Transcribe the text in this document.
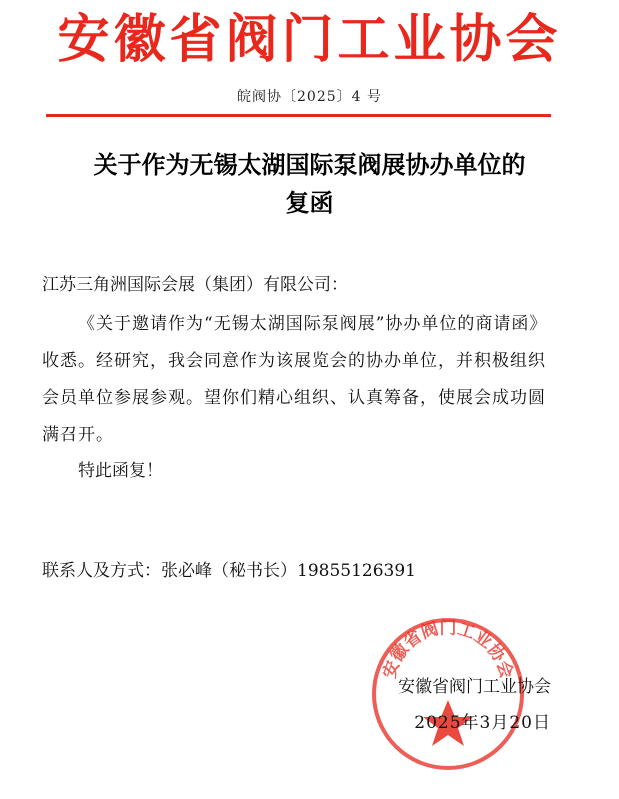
安徽省阀门工业协会
皖阀协〔2025〕4 号
关于作为无锡太湖国际泵阀展协办单位的
复函
江苏三角洲国际会展（集团）有限公司：
《关于邀请作为“无锡太湖国际泵阀展”协办单位的商请函》收悉。经研究，我会同意作为该展览会的协办单位，并积极组织会员单位参展参观。望你们精心组织、认真筹备，使展会成功圆满召开。
特此函复！
联系人及方式：张必峰（秘书长）19855126391
安徽省阀门工业协会
安徽省阀门工业协会
2025年3月20日
